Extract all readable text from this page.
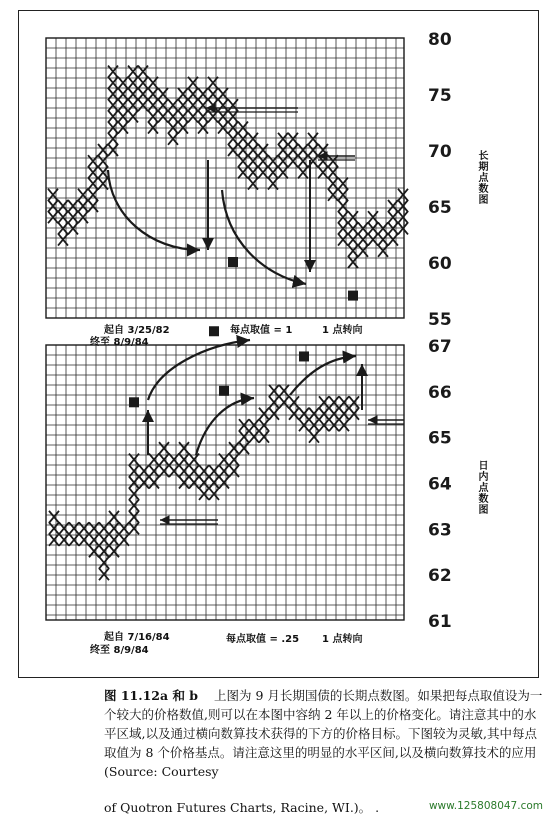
55
60
65
70
75
80
61
62
63
64
65
66
67
起自 3/25/82
终至 8/9/84
每点取值 = 1	1 点转向
长期点数图
起自 7/16/84
终至 8/9/84
每点取值 = .25 1 点转向
日内点数图
图 11.12a 和 b 上图为 9 月长期国债的长期点数图。如果把每点取值设为一个较大的价格数值,则可以在本图中容纳 2 年以上的价格变化。请注意其中的水平区域,以及通过横向数算技术获得的下方的价格目标。下图较为灵敏,其中每点取值为 8 个价格基点。请注意这里的明显的水平区间,以及横向数算技术的应用 (Source: Courtesy
of Quotron Futures Charts, Racine, WI.)。 .	www.125808047.com
